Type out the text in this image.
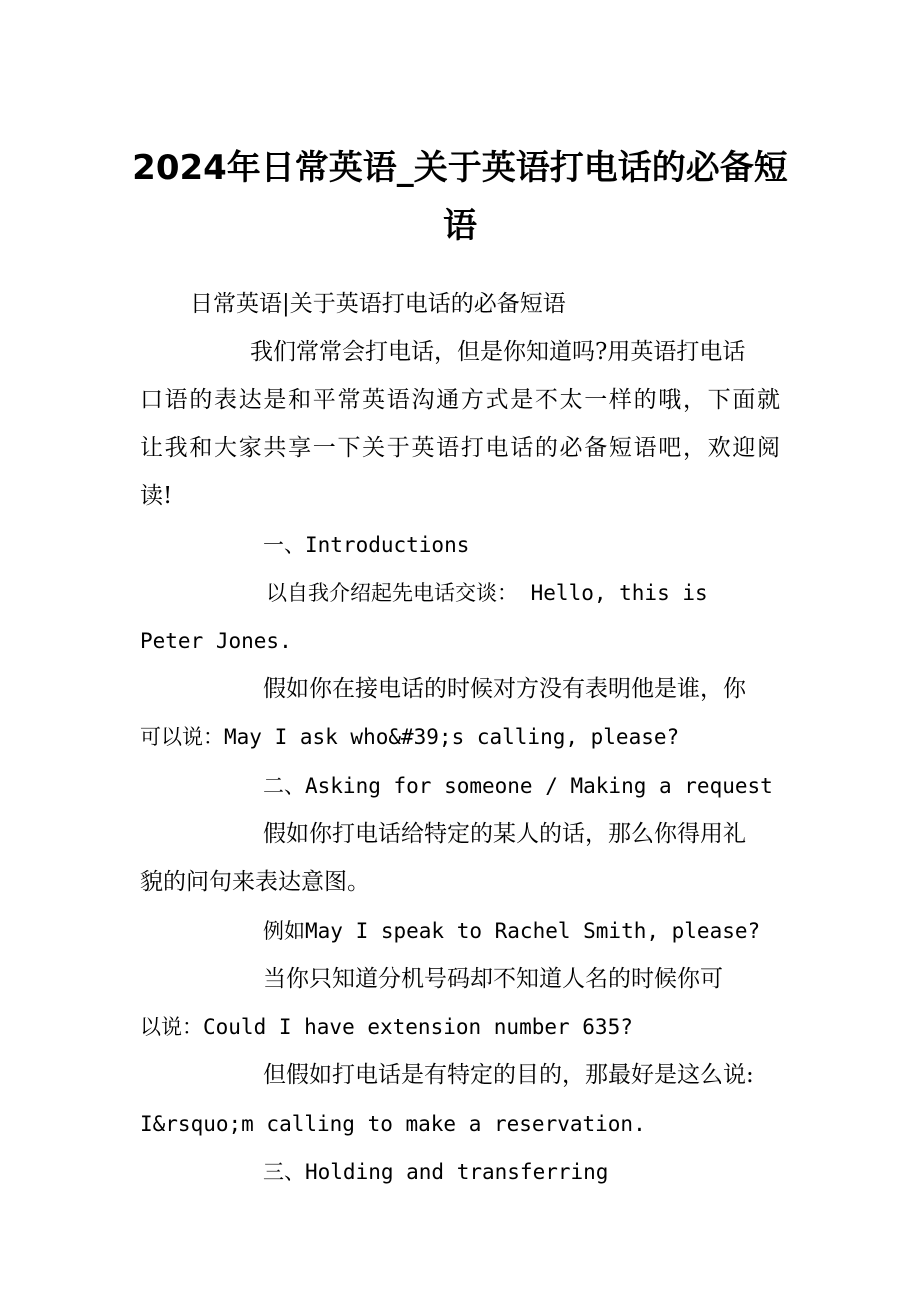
2024年日常英语_关于英语打电话的必备短
语
日常英语|关于英语打电话的必备短语
我们常常会打电话，但是你知道吗?用英语打电话
口语的表达是和平常英语沟通方式是不太一样的哦，下面就
让我和大家共享一下关于英语打电话的必备短语吧，欢迎阅
读!
一、Introductions
以自我介绍起先电话交谈： Hello, this is
Peter Jones.
假如你在接电话的时候对方没有表明他是谁，你
可以说：May I ask who&#39;s calling, please?
二、Asking for someone / Making a request
假如你打电话给特定的某人的话，那么你得用礼
貌的问句来表达意图。
例如May I speak to Rachel Smith, please?
当你只知道分机号码却不知道人名的时候你可
以说：Could I have extension number 635?
但假如打电话是有特定的目的，那最好是这么说:
I&rsquo;m calling to make a reservation.
三、Holding and transferring
